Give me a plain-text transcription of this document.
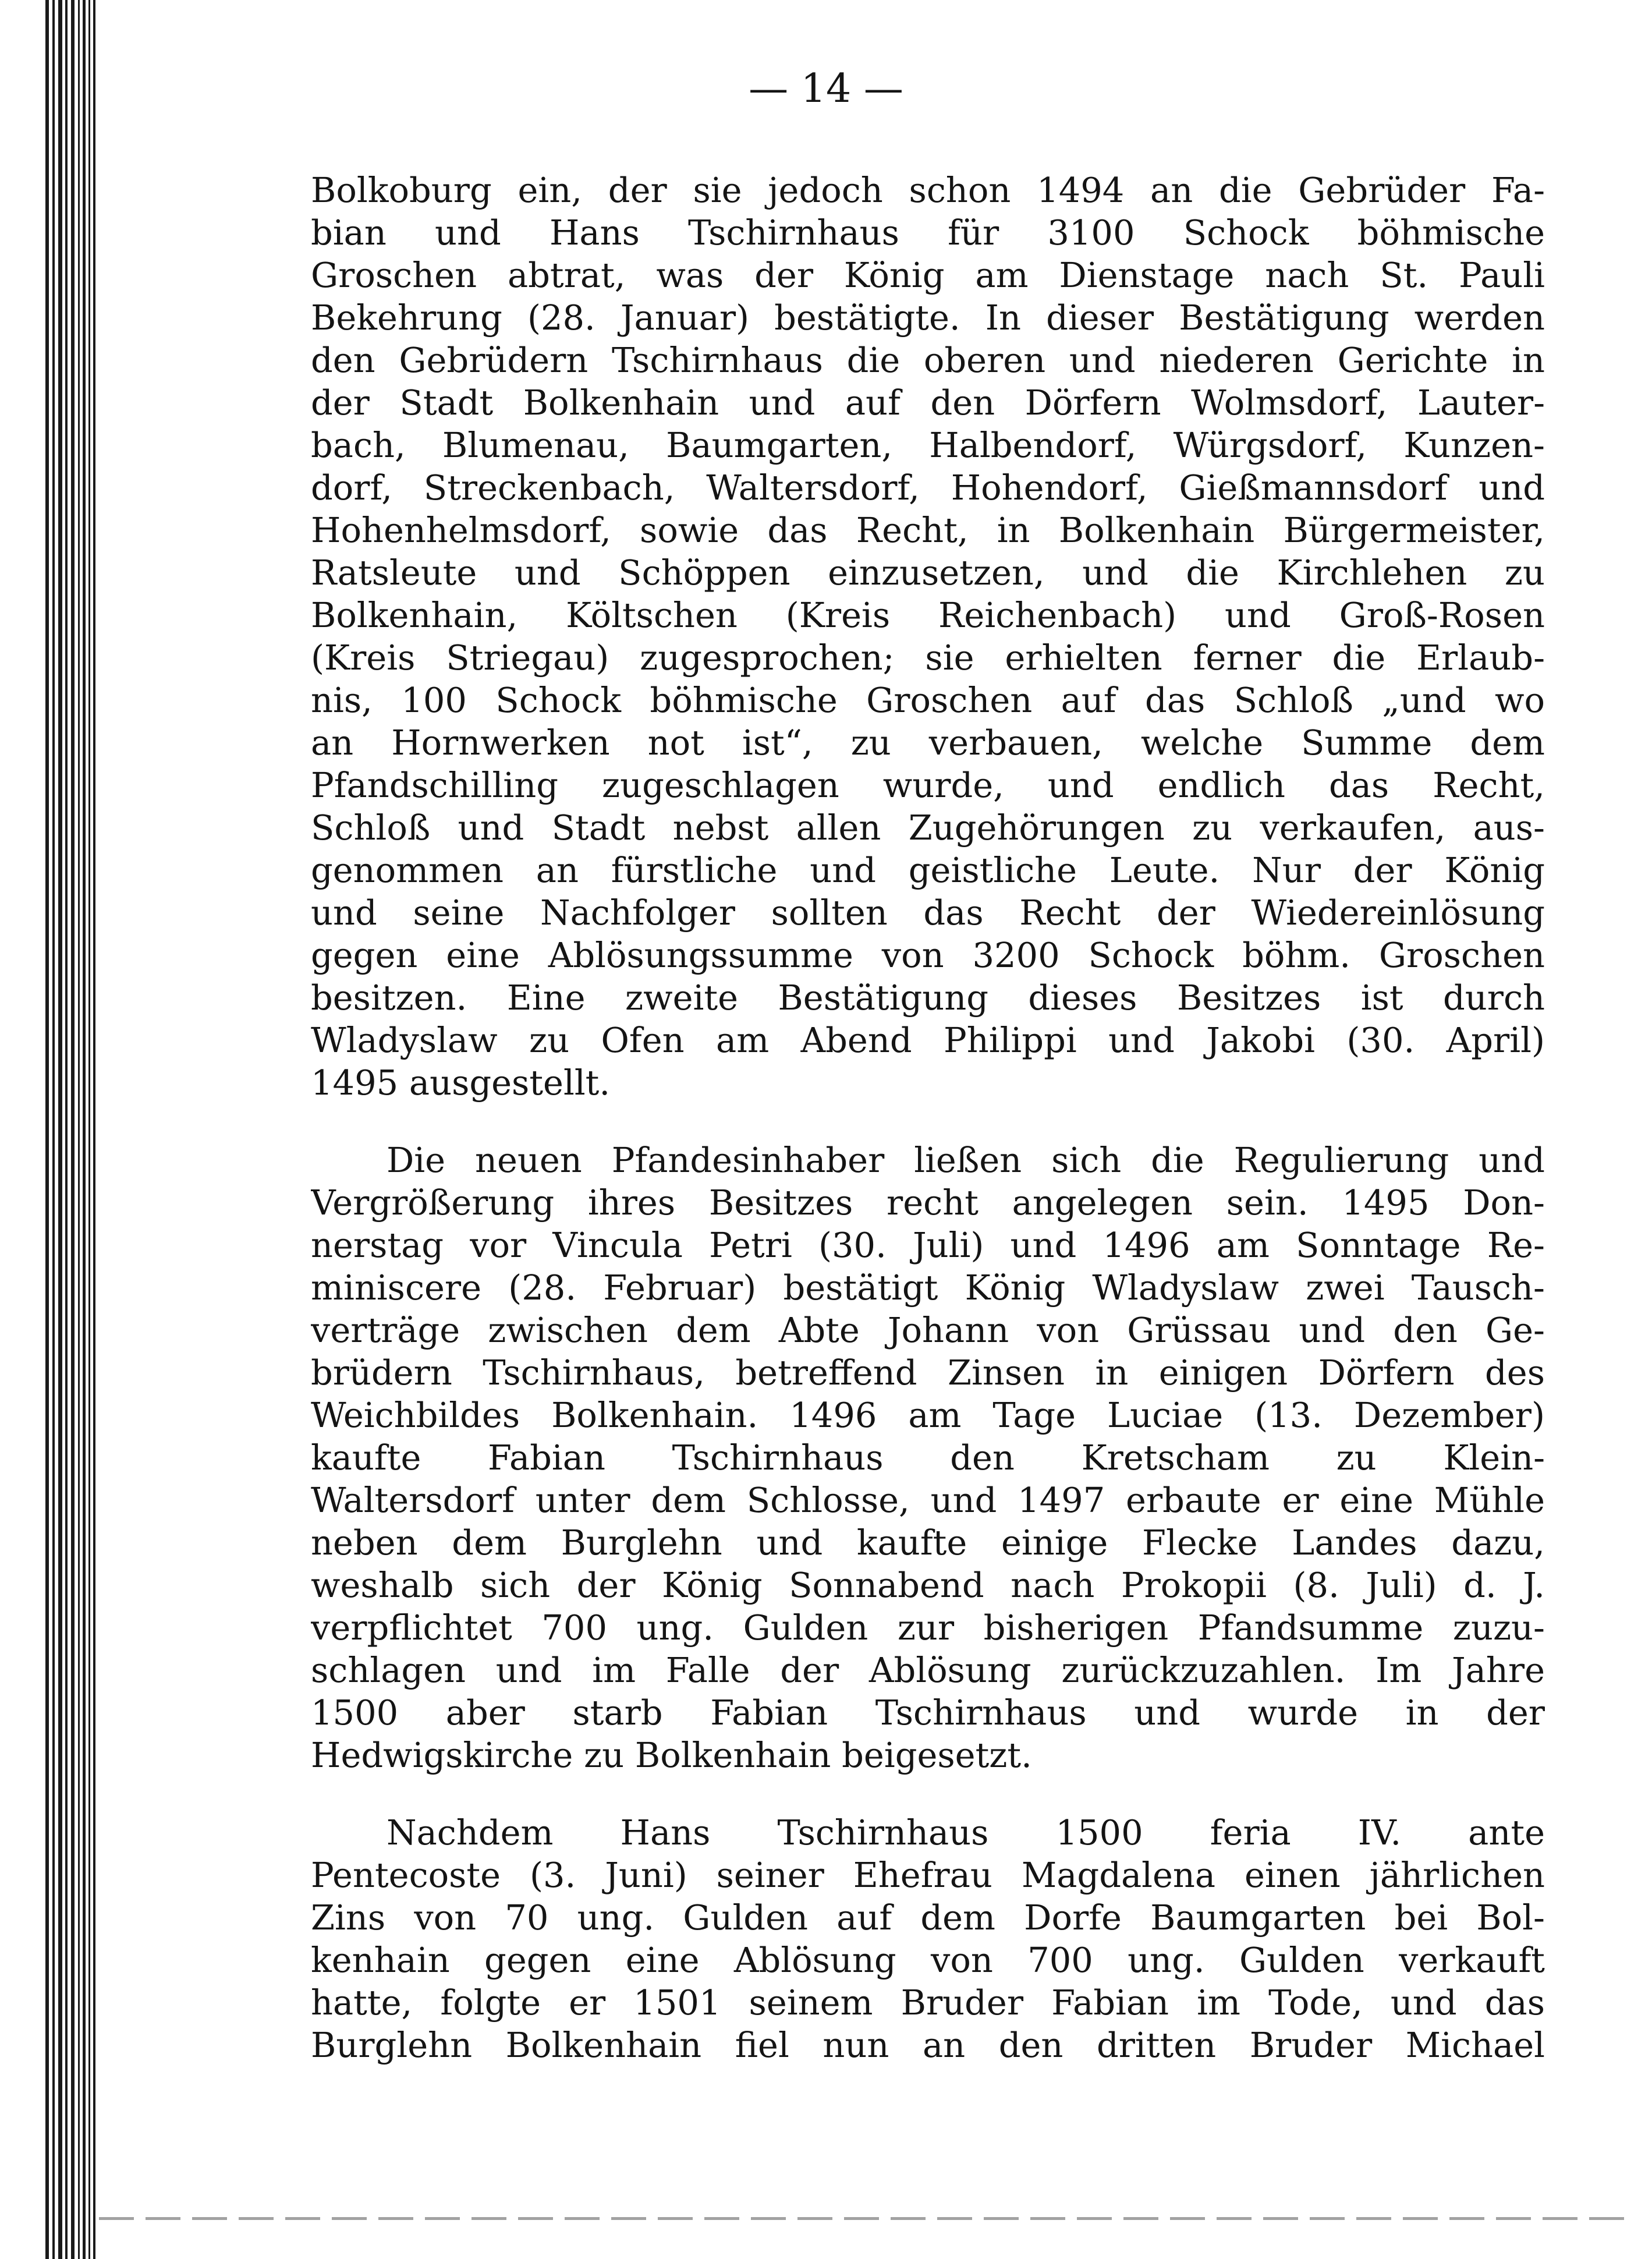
— 14 —
Bolkoburg ein, der sie jedoch schon 1494 an die Gebrüder Fa-
bian und Hans Tschirnhaus für 3100 Schock böhmische
Groschen abtrat, was der König am Dienstage nach St. Pauli
Bekehrung (28. Januar) bestätigte. In dieser Bestätigung werden
den Gebrüdern Tschirnhaus die oberen und niederen Gerichte in
der Stadt Bolkenhain und auf den Dörfern Wolmsdorf, Lauter-
bach, Blumenau, Baumgarten, Halbendorf, Würgsdorf, Kunzen-
dorf, Streckenbach, Waltersdorf, Hohendorf, Gießmannsdorf und
Hohenhelmsdorf, sowie das Recht, in Bolkenhain Bürgermeister,
Ratsleute und Schöppen einzusetzen, und die Kirchlehen zu
Bolkenhain, Költschen (Kreis Reichenbach) und Groß-Rosen
(Kreis Striegau) zugesprochen; sie erhielten ferner die Erlaub-
nis, 100 Schock böhmische Groschen auf das Schloß „und wo
an Hornwerken not ist“, zu verbauen, welche Summe dem
Pfandschilling zugeschlagen wurde, und endlich das Recht,
Schloß und Stadt nebst allen Zugehörungen zu verkaufen, aus-
genommen an fürstliche und geistliche Leute. Nur der König
und seine Nachfolger sollten das Recht der Wiedereinlösung
gegen eine Ablösungssumme von 3200 Schock böhm. Groschen
besitzen. Eine zweite Bestätigung dieses Besitzes ist durch
Wladyslaw zu Ofen am Abend Philippi und Jakobi (30. April)
1495 ausgestellt.
Die neuen Pfandesinhaber ließen sich die Regulierung und
Vergrößerung ihres Besitzes recht angelegen sein. 1495 Don-
nerstag vor Vincula Petri (30. Juli) und 1496 am Sonntage Re-
miniscere (28. Februar) bestätigt König Wladyslaw zwei Tausch-
verträge zwischen dem Abte Johann von Grüssau und den Ge-
brüdern Tschirnhaus, betreffend Zinsen in einigen Dörfern des
Weichbildes Bolkenhain. 1496 am Tage Luciae (13. Dezember)
kaufte Fabian Tschirnhaus den Kretscham zu Klein-
Waltersdorf unter dem Schlosse, und 1497 erbaute er eine Mühle
neben dem Burglehn und kaufte einige Flecke Landes dazu,
weshalb sich der König Sonnabend nach Prokopii (8. Juli) d. J.
verpflichtet 700 ung. Gulden zur bisherigen Pfandsumme zuzu-
schlagen und im Falle der Ablösung zurückzuzahlen. Im Jahre
1500 aber starb Fabian Tschirnhaus und wurde in der
Hedwigskirche zu Bolkenhain beigesetzt.
Nachdem Hans Tschirnhaus 1500 feria IV. ante
Pentecoste (3. Juni) seiner Ehefrau Magdalena einen jährlichen
Zins von 70 ung. Gulden auf dem Dorfe Baumgarten bei Bol-
kenhain gegen eine Ablösung von 700 ung. Gulden verkauft
hatte, folgte er 1501 seinem Bruder Fabian im Tode, und das
Burglehn Bolkenhain fiel nun an den dritten Bruder Michael
